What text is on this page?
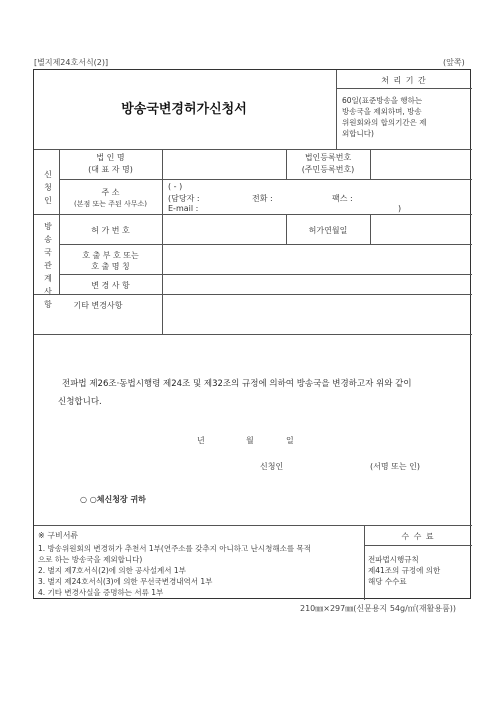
[별지제24호서식(2)]	(앞쪽)
방송국변경허가신청서
처 리 기 간
60일(표준방송을 행하는
방송국을 제외하며, 방송
위원회와의 합의기간은 제
외합니다)
신
청
인
법 인 명
(대 표 자 명)
법인등록번호
(주민등록번호)
주 소
(본점 또는 주된 사무소)
( - )
(담당자 :	전화 :	팩스 :
E-mail :	)
방
송
국
관
계
사
항
허 가 번 호	허가연월일
호 출 부 호 또는
호 출 명 칭
변 경 사 항
기타 변경사항
전파법 제26조·동법시행령 제24조 및 제32조의 규정에 의하여 방송국을 변경하고자 위와 같이
신청합니다.
년	월	일
신청인	(서명 또는 인)
○ ○체신청장 귀하
※ 구비서류
1. 방송위원회의 변경허가 추천서 1부(연주소를 갖추지 아니하고 난시청해소를 목적
으로 하는 방송국을 제외합니다)
2. 별지 제7호서식(2)에 의한 공사설계서 1부
3. 별지 제24호서식(3)에 의한 무선국변경내역서 1부
4. 기타 변경사실을 증명하는 서류 1부
수 수 료
전파법시행규칙
제41조의 규정에 의한
해당 수수료
210㎜×297㎜(신문용지 54g/㎡(재활용품))
